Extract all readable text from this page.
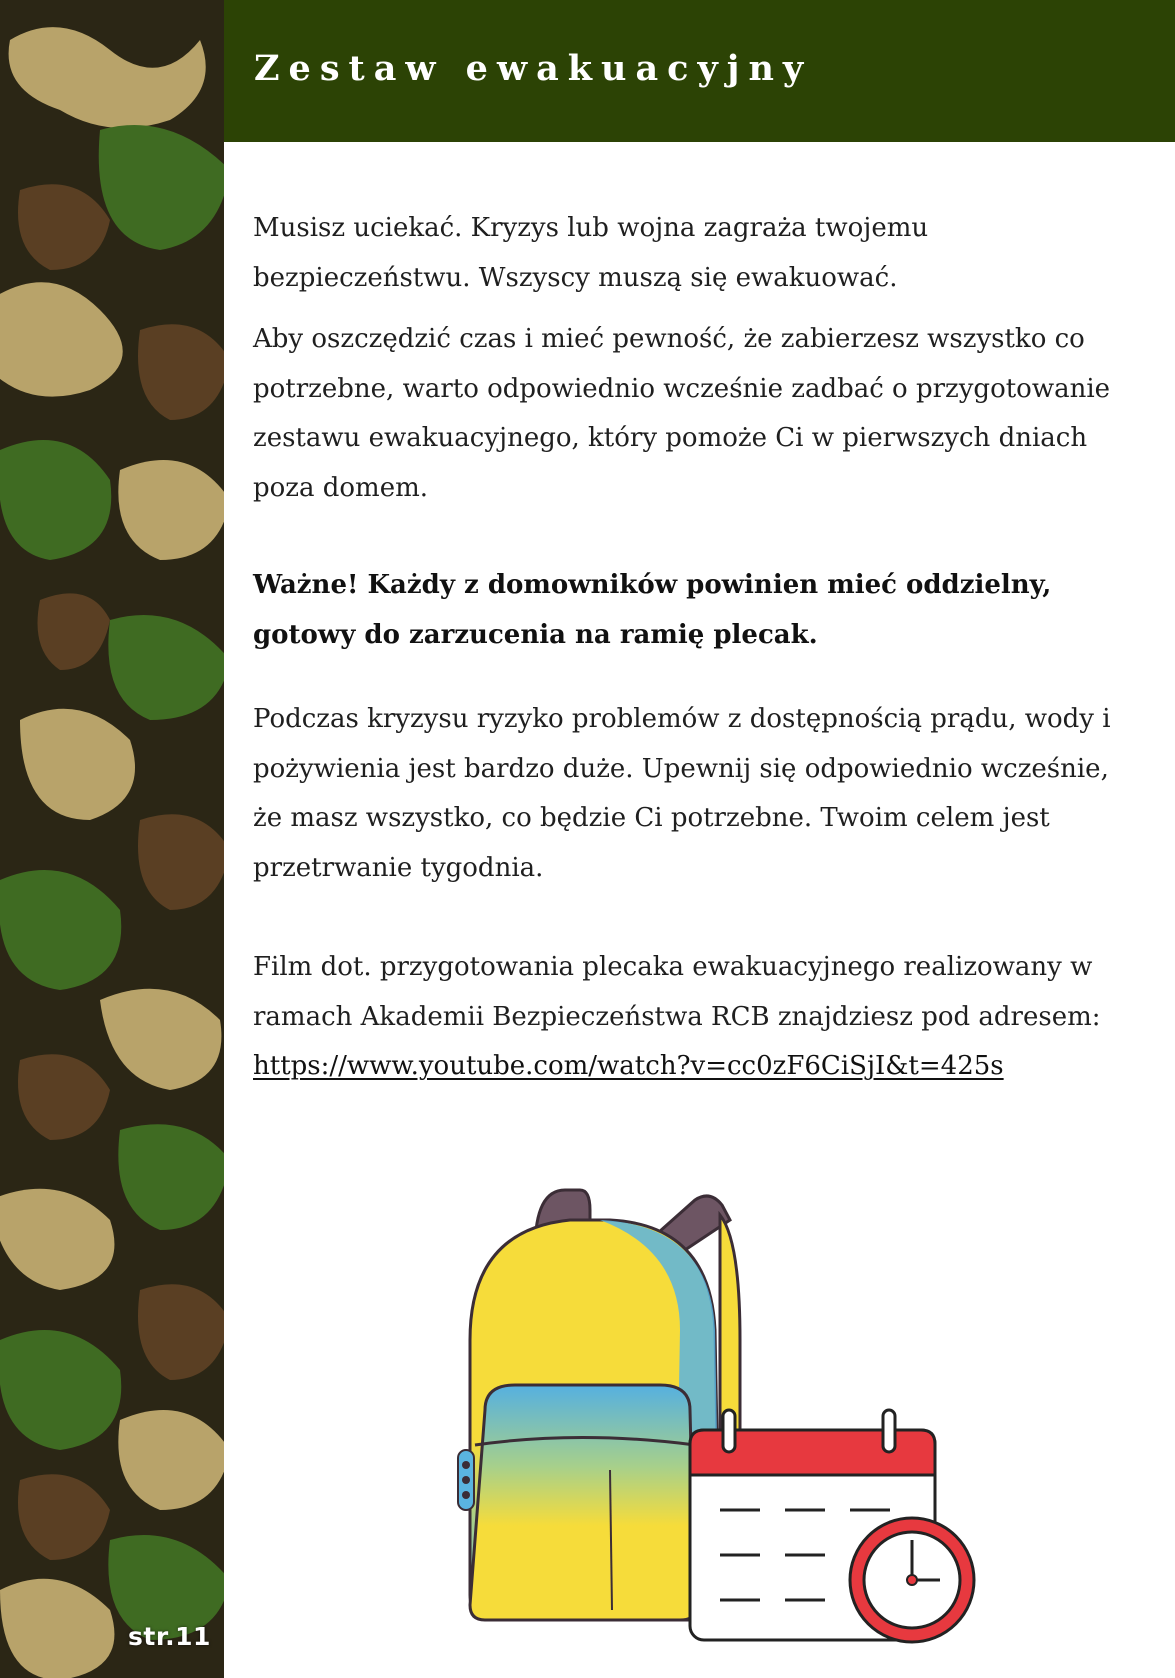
str.11
Zestaw ewakuacyjny

Musisz uciekać. Kryzys lub wojna zagraża twojemu bezpieczeństwu. Wszyscy muszą się ewakuować.

Aby oszczędzić czas i mieć pewność, że zabierzesz wszystko co potrzebne, warto odpowiednio wcześnie zadbać o przygotowanie zestawu ewakuacyjnego, który pomoże Ci w pierwszych dniach poza domem.

Ważne! Każdy z domowników powinien mieć oddzielny, gotowy do zarzucenia na ramię plecak.

Podczas kryzysu ryzyko problemów z dostępnością prądu, wody i pożywienia jest bardzo duże. Upewnij się odpowiednio wcześnie, że masz wszystko, co będzie Ci potrzebne. Twoim celem jest przetrwanie tygodnia.

Film dot. przygotowania plecaka ewakuacyjnego realizowany w ramach Akademii Bezpieczeństwa RCB znajdziesz pod adresem:
https://www.youtube.com/watch?v=cc0zF6CiSjI&t=425s
